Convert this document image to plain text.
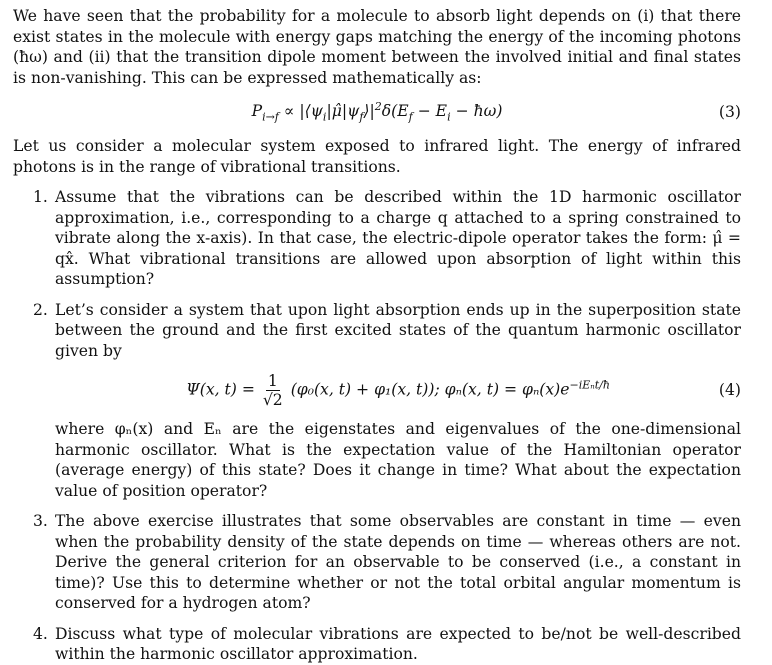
We have seen that the probability for a molecule to absorb light depends on (i) that there exist states in the molecule with energy gaps matching the energy of the incoming photons (ħω) and (ii) that the transition dipole moment between the involved initial and final states is non-vanishing. This can be expressed mathematically as:

$P_{i\to f}$ ∝ $|⟨\psi_i|\mû|\psi_f⟩|^2\delta(E_f - E_i$ − ħω)	(3)

Let us consider a molecular system exposed to infrared light. The energy of infrared photons is in the range of vibrational transitions.

1. Assume that the vibrations can be described within the 1D harmonic oscillator approximation, i.e., corresponding to a charge q attached to a spring constrained to vibrate along the x-axis). In that case, the electric-dipole operator takes the form: μ̂ = qx̂. What vibrational transitions are allowed upon absorption of light within this assumption?

2. Let’s consider a system that upon light absorption ends up in the superposition state between the ground and the first excited states of the quantum harmonic oscillator given by

Ψ(x, $t) = \frac{1}{√2} (\varphi_0(x$, t) + φ₁(x, t)); φₙ(x, $t) = \varphi_n(x)e^{-iE_nt/ħ}$	(4)

where φₙ(x) and Eₙ are the eigenstates and eigenvalues of the one-dimensional harmonic oscillator. What is the expectation value of the Hamiltonian operator (average energy) of this state? Does it change in time? What about the expectation value of position operator?

3. The above exercise illustrates that some observables are constant in time — even when the probability density of the state depends on time — whereas others are not. Derive the general criterion for an observable to be conserved (i.e., a constant in time)? Use this to determine whether or not the total orbital angular momentum is conserved for a hydrogen atom?

4. Discuss what type of molecular vibrations are expected to be/not be well-described within the harmonic oscillator approximation.
